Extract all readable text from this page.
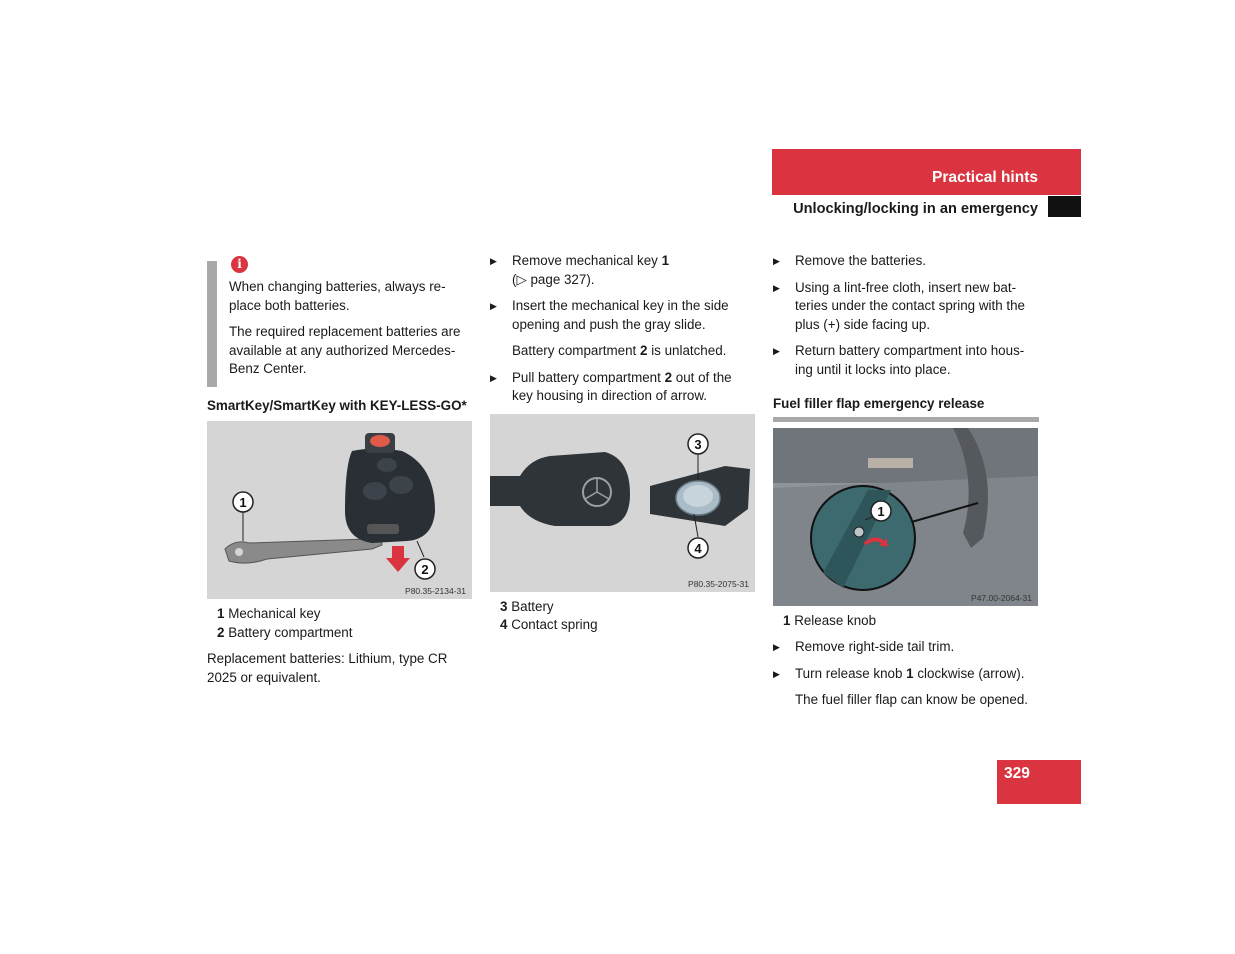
Practical hints
Unlocking/locking in an emergency
i

When changing batteries, always re-place both batteries.

The required replacement batteries are available at any authorized Mercedes-Benz Center.

SmartKey/SmartKey with KEY-LESS-GO*
1
2
P80.35-2134-31
1 Mechanical key
2 Battery compartment

Replacement batteries: Lithium, type CR 2025 or equivalent.

▶ Remove mechanical key 1
(▷ page 327).
▶ Insert the mechanical key in the side opening and push the gray slide.
Battery compartment 2 is unlatched.
▶ Pull battery compartment 2 out of the key housing in direction of arrow.
3
4
P80.35-2075-31
3 Battery
4 Contact spring
▶ Remove the batteries.
▶ Using a lint-free cloth, insert new bat-teries under the contact spring with the plus (+) side facing up.
▶ Return battery compartment into hous-ing until it locks into place.
Fuel filler flap emergency release
1
P47.00-2064-31
1 Release knob
▶ Remove right-side tail trim.
▶ Turn release knob 1 clockwise (arrow).
The fuel filler flap can know be opened.
329
